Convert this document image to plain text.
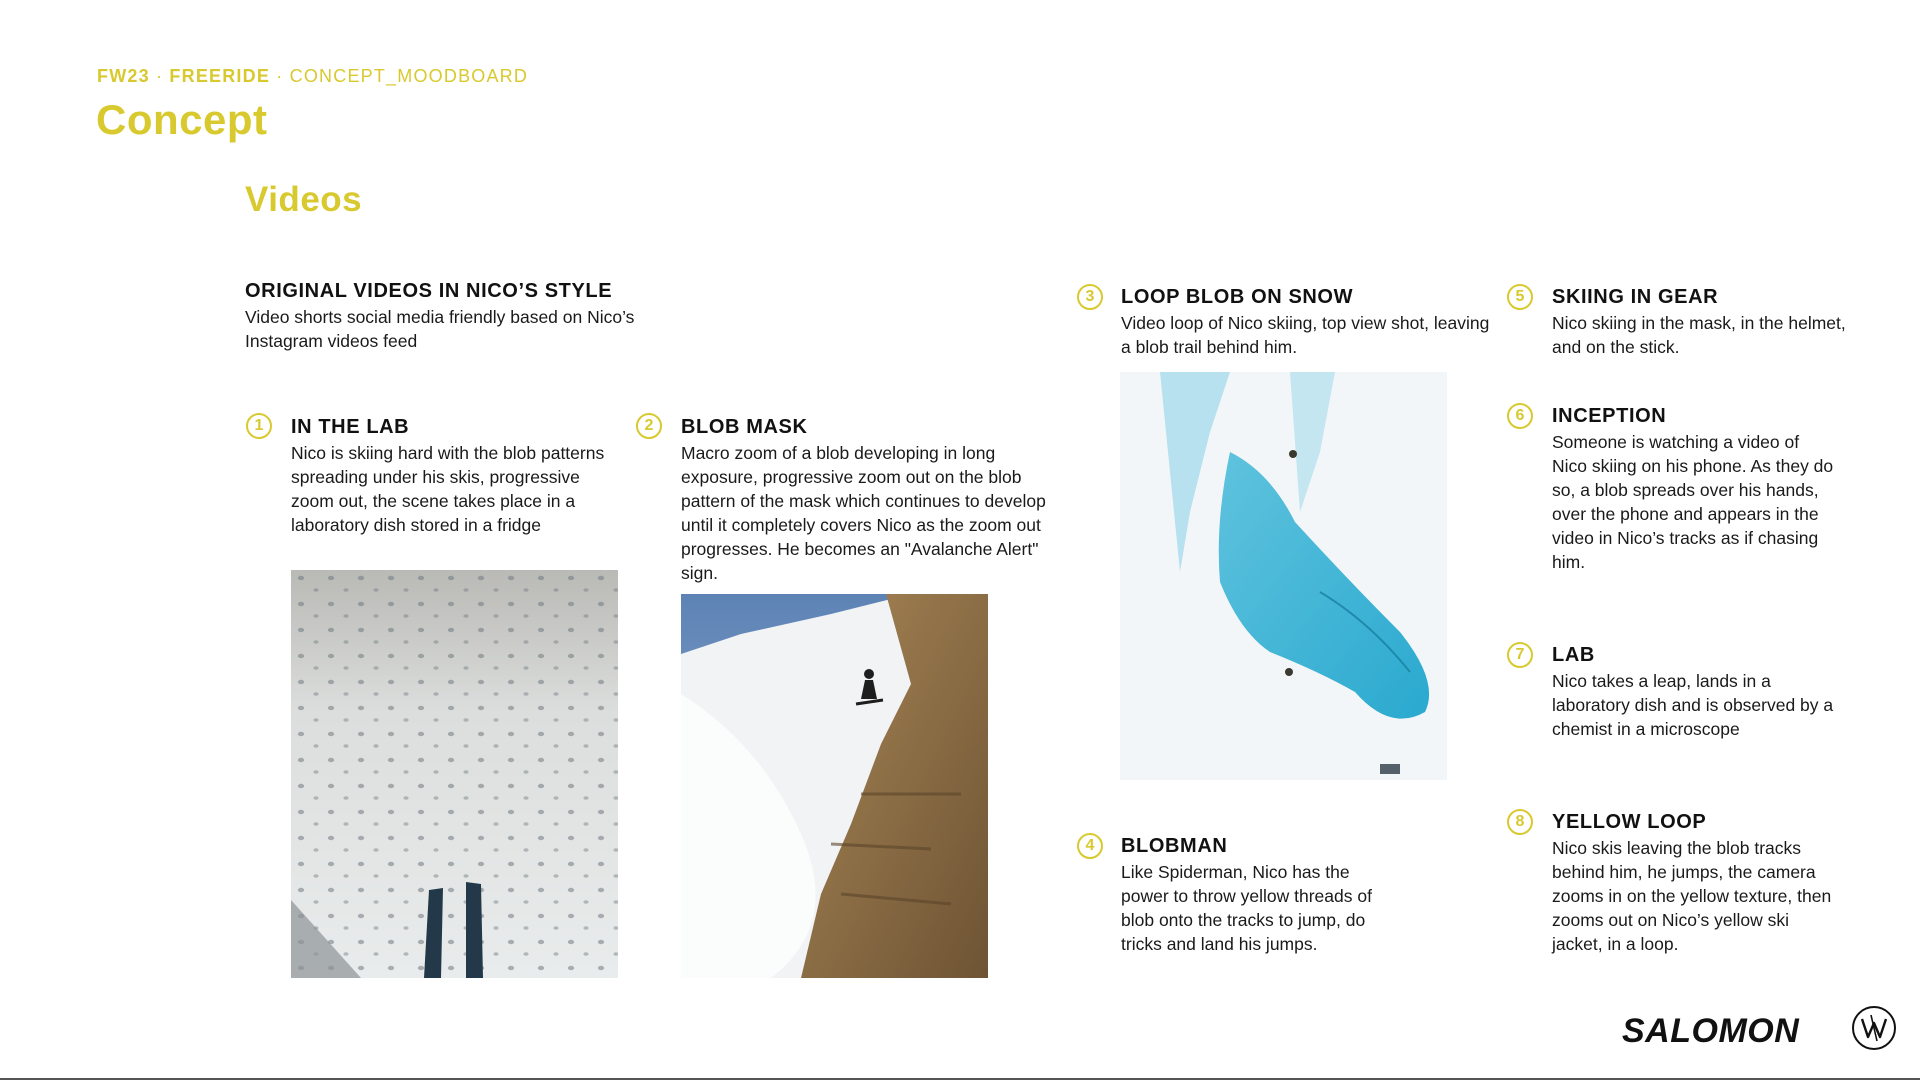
FW23 · FREERIDE · CONCEPT_MOODBOARD
Concept
Videos
ORIGINAL VIDEOS IN NICO’S STYLE
Video shorts social media friendly based on Nico’s Instagram videos feed
1	IN THE LAB
Nico is skiing hard with the blob patterns spreading under his skis, progressive zoom out, the scene takes place in a laboratory dish stored in a fridge
2	BLOB MASK
Macro zoom of a blob developing in long exposure, progressive zoom out on the blob pattern of the mask which continues to develop until it completely covers Nico as the zoom out progresses. He becomes an "Avalanche Alert" sign.
3	LOOP BLOB ON SNOW
Video loop of Nico skiing, top view shot, leaving a blob trail behind him.
4	BLOBMAN
Like Spiderman, Nico has the power to throw yellow threads of blob onto the tracks to jump, do tricks and land his jumps.
5	SKIING IN GEAR
Nico skiing in the mask, in the helmet, and on the stick.
6	INCEPTION
Someone is watching a video of Nico skiing on his phone. As they do so, a blob spreads over his hands, over the phone and appears in the video in Nico’s tracks as if chasing him.
7	LAB
Nico takes a leap, lands in a laboratory dish and is observed by a chemist in a microscope
8	YELLOW LOOP
Nico skis leaving the blob tracks behind him, he jumps, the camera zooms in on the yellow texture, then zooms out on Nico’s yellow ski jacket, in a loop.
SALOMON
